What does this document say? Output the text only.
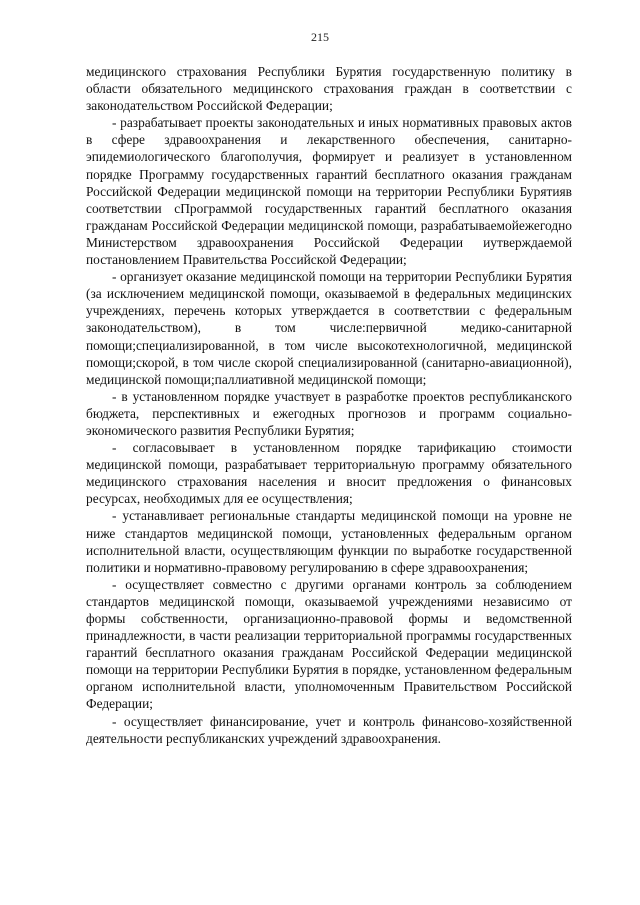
215

медицинского страхования Республики Бурятия государственную политику в области обязательного медицинского страхования граждан в соответствии с законодательством Российской Федерации;

- разрабатывает проекты законодательных и иных нормативных правовых актов в сфере здравоохранения и лекарственного обеспечения, санитарно-эпидемиологического благополучия, формирует и реализует в установленном порядке Программу государственных гарантий бесплатного оказания гражданам Российской Федерации медицинской помощи на территории Республики Бурятияв соответствии сПрограммой государственных гарантий бесплатного оказания гражданам Российской Федерации медицинской помощи, разрабатываемойежегодно Министерством здравоохранения Российской Федерации иутверждаемой постановлением Правительства Российской Федерации;

- организует оказание медицинской помощи на территории Республики Бурятия (за исключением медицинской помощи, оказываемой в федеральных медицинских учреждениях, перечень которых утверждается в соответствии с федеральным законодательством), в том числе:первичной медико-санитарной помощи;специализированной, в том числе высокотехнологичной, медицинской помощи;скорой, в том числе скорой специализированной (санитарно-авиационной), медицинской помощи;паллиативной медицинской помощи;

- в установленном порядке участвует в разработке проектов республиканского бюджета, перспективных и ежегодных прогнозов и программ социально-экономического развития Республики Бурятия;

- согласовывает в установленном порядке тарификацию стоимости медицинской помощи, разрабатывает территориальную программу обязательного медицинского страхования населения и вносит предложения о финансовых ресурсах, необходимых для ее осуществления;

- устанавливает региональные стандарты медицинской помощи на уровне не ниже стандартов медицинской помощи, установленных федеральным органом исполнительной власти, осуществляющим функции по выработке государственной политики и нормативно-правовому регулированию в сфере здравоохранения;

- осуществляет совместно с другими органами контроль за соблюдением стандартов медицинской помощи, оказываемой учреждениями независимо от формы собственности, организационно-правовой формы и ведомственной принадлежности, в части реализации территориальной программы государственных гарантий бесплатного оказания гражданам Российской Федерации медицинской помощи на территории Республики Бурятия в порядке, установленном федеральным органом исполнительной власти, уполномоченным Правительством Российской Федерации;

- осуществляет финансирование, учет и контроль финансово-хозяйственной деятельности республиканских учреждений здравоохранения.
